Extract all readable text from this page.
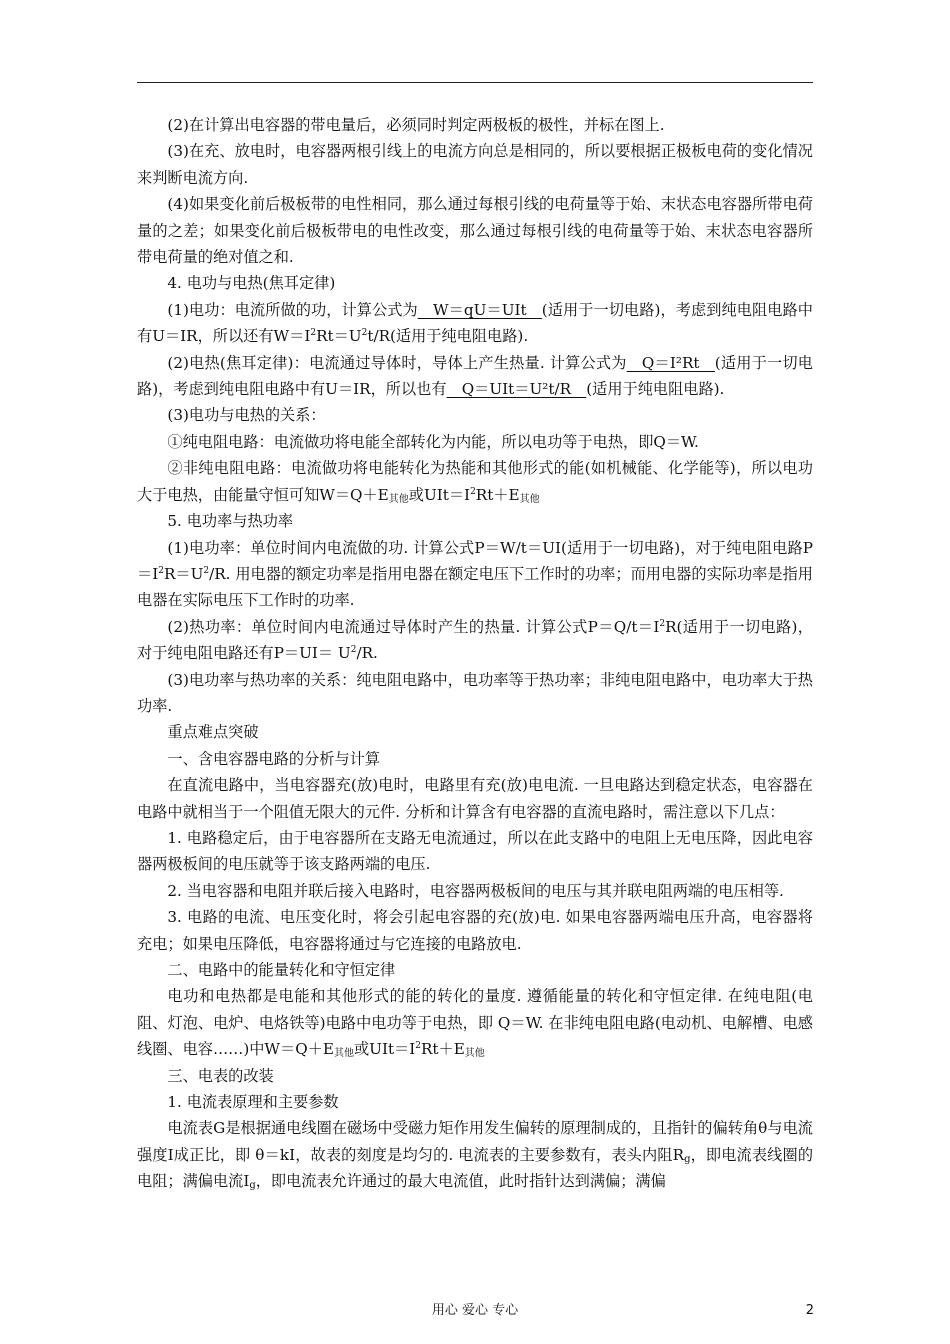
(2)在计算出电容器的带电量后，必须同时判定两极板的极性，并标在图上.

(3)在充、放电时，电容器两根引线上的电流方向总是相同的，所以要根据正极板电荷的变化情况来判断电流方向.

(4)如果变化前后极板带的电性相同，那么通过每根引线的电荷量等于始、末状态电容器所带电荷量的之差；如果变化前后极板带电的电性改变，那么通过每根引线的电荷量等于始、末状态电容器所带电荷量的绝对值之和.

4. 电功与电热(焦耳定律)

(1)电功：电流所做的功，计算公式为__W＝qU＝UIt__(适用于一切电路)，考虑到纯电阻电路中有U＝IR，所以还有$W=I^2Rt=U^2t/R$(适用于纯电阻电路).

(2)电热(焦耳定律)：电流通过导体时，导体上产生热量. 计算公式为__Q＝I²Rt__(适用于一切电路)，考虑到纯电阻电路中有U＝IR，所以也有__Q＝UIt＝U²t/R__(适用于纯电阻电路).

(3)电功与电热的关系：

①纯电阻电路：电流做功将电能全部转化为内能，所以电功等于电热，即Q＝W.

②非纯电阻电路：电流做功将电能转化为热能和其他形式的能(如机械能、化学能等)，所以电功大于电热，由能量守恒可知$W=Q+E_{其他}$或$UIt=I^2Rt+E_{其他}$

5. 电功率与热功率

(1)电功率：单位时间内电流做的功. 计算公式P＝W/t＝UI(适用于一切电路)，对于纯电阻电路$P=I^2R=U^2/R$. 用电器的额定功率是指用电器在额定电压下工作时的功率；而用电器的实际功率是指用电器在实际电压下工作时的功率.

(2)热功率：单位时间内电流通过导体时产生的热量. 计算公式$P=Q/t=I^2R$(适用于一切电路)，对于纯电阻电路还有$P=UI= U^2/R$.

(3)电功率与热功率的关系：纯电阻电路中，电功率等于热功率；非纯电阻电路中，电功率大于热功率.

重点难点突破

一、含电容器电路的分析与计算

在直流电路中，当电容器充(放)电时，电路里有充(放)电电流. 一旦电路达到稳定状态，电容器在电路中就相当于一个阻值无限大的元件. 分析和计算含有电容器的直流电路时，需注意以下几点：

1. 电路稳定后，由于电容器所在支路无电流通过，所以在此支路中的电阻上无电压降，因此电容器两极板间的电压就等于该支路两端的电压.

2. 当电容器和电阻并联后接入电路时，电容器两极板间的电压与其并联电阻两端的电压相等.

3. 电路的电流、电压变化时，将会引起电容器的充(放)电. 如果电容器两端电压升高，电容器将充电；如果电压降低，电容器将通过与它连接的电路放电.

二、电路中的能量转化和守恒定律

电功和电热都是电能和其他形式的能的转化的量度. 遵循能量的转化和守恒定律. 在纯电阻(电阻、灯泡、电炉、电烙铁等)电路中电功等于电热，即 Q＝W. 在非纯电阻电路(电动机、电解槽、电感线圈、电容……)中$W=Q+E_{其他}$或$UIt=I^2Rt+E_{其他}$

三、电表的改装

1. 电流表原理和主要参数

电流表G是根据通电线圈在磁场中受磁力矩作用发生偏转的原理制成的，且指针的偏转角θ与电流强度I成正比，即 θ＝kI，故表的刻度是均匀的. 电流表的主要参数有，表头内阻$R_g$，即电流表线圈的电阻；满偏电流$I_g$，即电流表允许通过的最大电流值，此时指针达到满偏；满偏

用心 爱心 专心	2
